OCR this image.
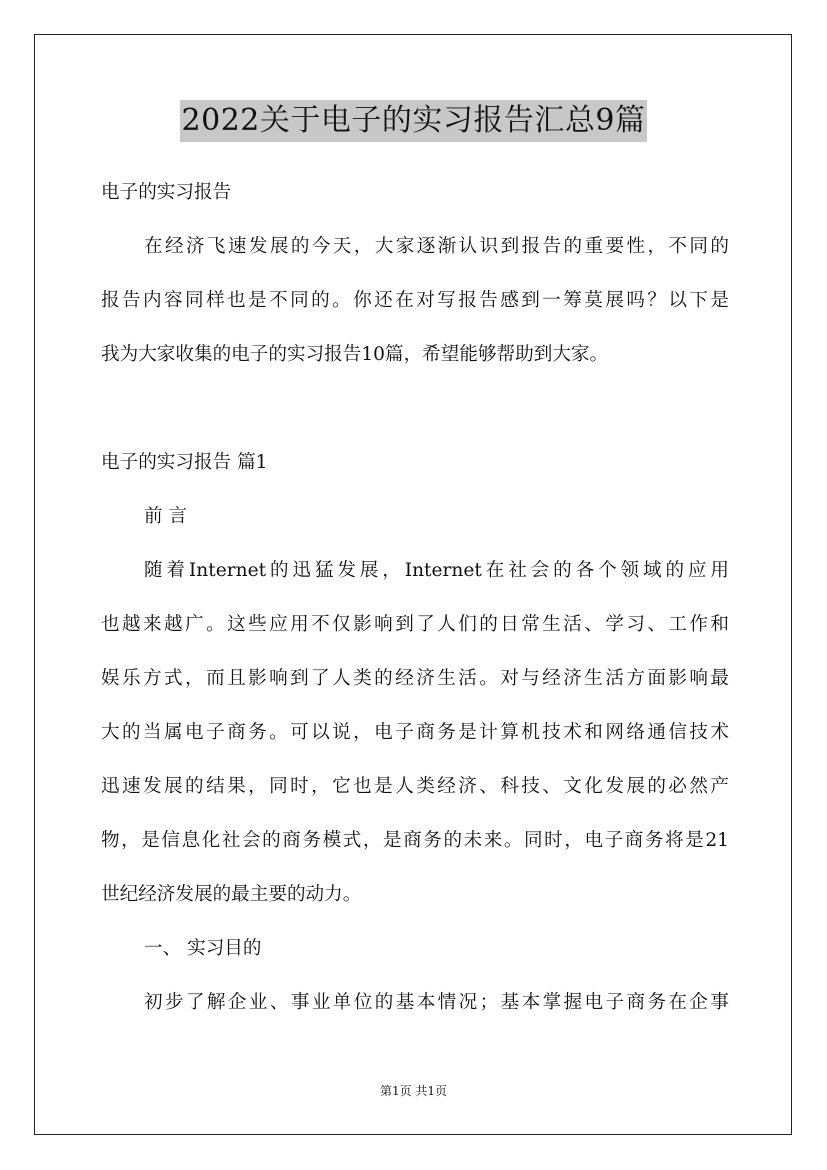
2022关于电子的实习报告汇总9篇

电子的实习报告

在经济飞速发展的今天，大家逐渐认识到报告的重要性，不同的

报告内容同样也是不同的。你还在对写报告感到一筹莫展吗？以下是

我为大家收集的电子的实习报告10篇，希望能够帮助到大家。

电子的实习报告 篇1

前 言

随着Internet的迅猛发展，Internet在社会的各个领域的应用

也越来越广。这些应用不仅影响到了人们的日常生活、学习、工作和

娱乐方式，而且影响到了人类的经济生活。对与经济生活方面影响最

大的当属电子商务。可以说，电子商务是计算机技术和网络通信技术

迅速发展的结果，同时，它也是人类经济、科技、文化发展的必然产

物，是信息化社会的商务模式，是商务的未来。同时，电子商务将是21

世纪经济发展的最主要的动力。

一、 实习目的

初步了解企业、事业单位的基本情况；基本掌握电子商务在企事

第1页 共1页
